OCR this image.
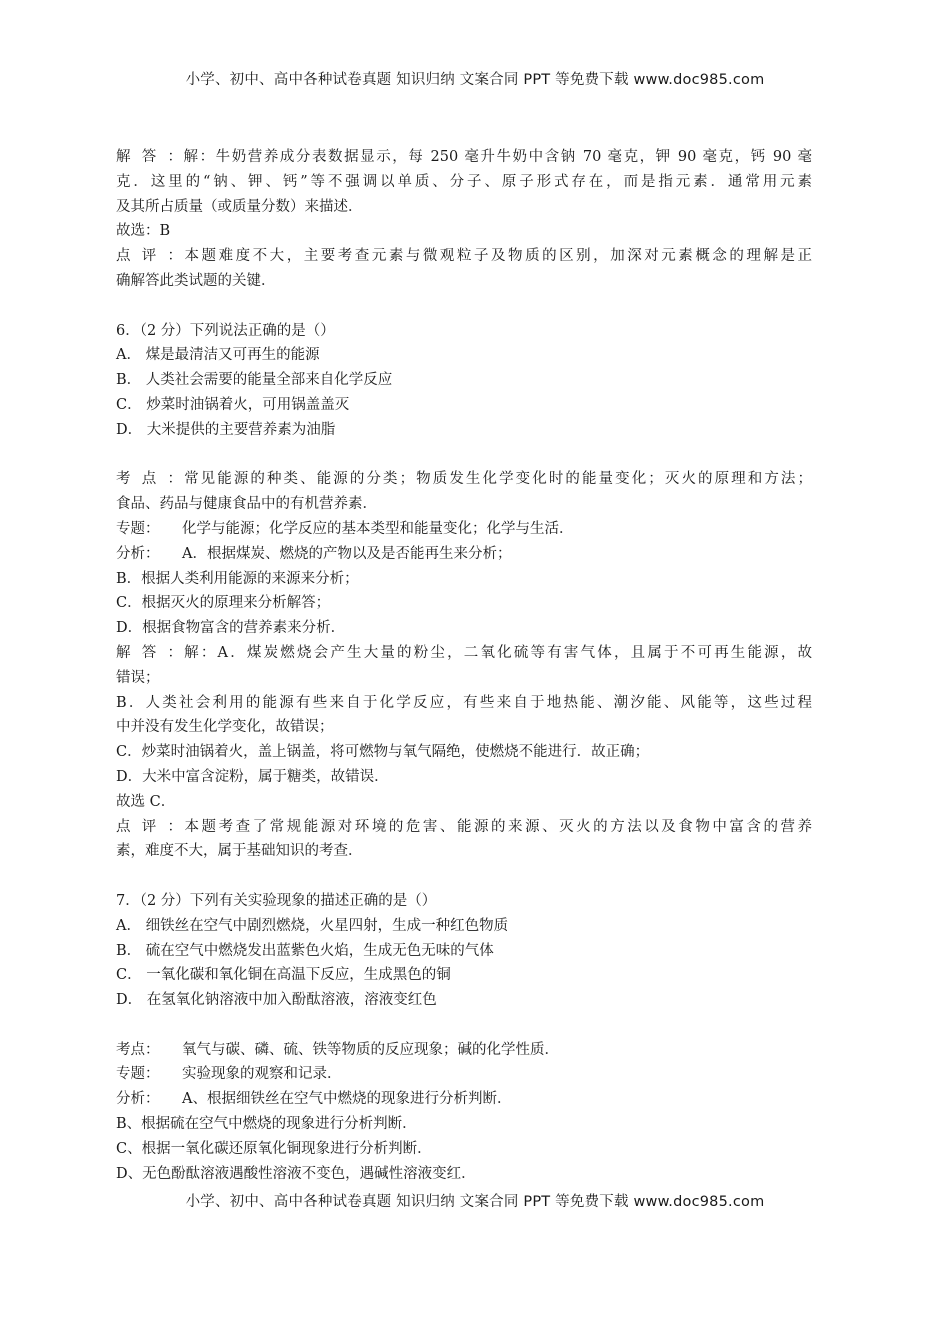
小学、初中、高中各种试卷真题 知识归纳 文案合同 PPT 等免费下载 www.doc985.com
解答：解：牛奶营养成分表数据显示，每 250 毫升牛奶中含钠 70 毫克，钾 90 毫克，钙 90 毫
克．这里的“钠、钾、钙”等不强调以单质、分子、原子形式存在，而是指元素．通常用元素
及其所占质量（或质量分数）来描述．
故选：B
点评：本题难度不大，主要考查元素与微观粒子及物质的区别，加深对元素概念的理解是正
确解答此类试题的关键．
6．（2 分）下列说法正确的是（）
A． 煤是最清洁又可再生的能源
B． 人类社会需要的能量全部来自化学反应
C． 炒菜时油锅着火，可用锅盖盖灭
D． 大米提供的主要营养素为油脂
考点：常见能源的种类、能源的分类；物质发生化学变化时的能量变化；灭火的原理和方法；
食品、药品与健康食品中的有机营养素．
专题： 化学与能源；化学反应的基本类型和能量变化；化学与生活．
分析： A．根据煤炭、燃烧的产物以及是否能再生来分析；
B．根据人类利用能源的来源来分析；
C．根据灭火的原理来分析解答；
D．根据食物富含的营养素来分析．
解答：解：A．煤炭燃烧会产生大量的粉尘，二氧化硫等有害气体，且属于不可再生能源，故
错误；
B．人类社会利用的能源有些来自于化学反应，有些来自于地热能、潮汐能、风能等，这些过程
中并没有发生化学变化，故错误；
C．炒菜时油锅着火，盖上锅盖，将可燃物与氧气隔绝，使燃烧不能进行．故正确；
D．大米中富含淀粉，属于糖类，故错误．
故选 C．
点评：本题考查了常规能源对环境的危害、能源的来源、灭火的方法以及食物中富含的营养
素，难度不大，属于基础知识的考查．
7．（2 分）下列有关实验现象的描述正确的是（）
A． 细铁丝在空气中剧烈燃烧，火星四射，生成一种红色物质
B． 硫在空气中燃烧发出蓝紫色火焰，生成无色无味的气体
C． 一氧化碳和氧化铜在高温下反应，生成黑色的铜
D． 在氢氧化钠溶液中加入酚酞溶液，溶液变红色
考点： 氧气与碳、磷、硫、铁等物质的反应现象；碱的化学性质．
专题： 实验现象的观察和记录．
分析： A、根据细铁丝在空气中燃烧的现象进行分析判断．
B、根据硫在空气中燃烧的现象进行分析判断．
C、根据一氧化碳还原氧化铜现象进行分析判断．
D、无色酚酞溶液遇酸性溶液不变色，遇碱性溶液变红．
小学、初中、高中各种试卷真题 知识归纳 文案合同 PPT 等免费下载 www.doc985.com
